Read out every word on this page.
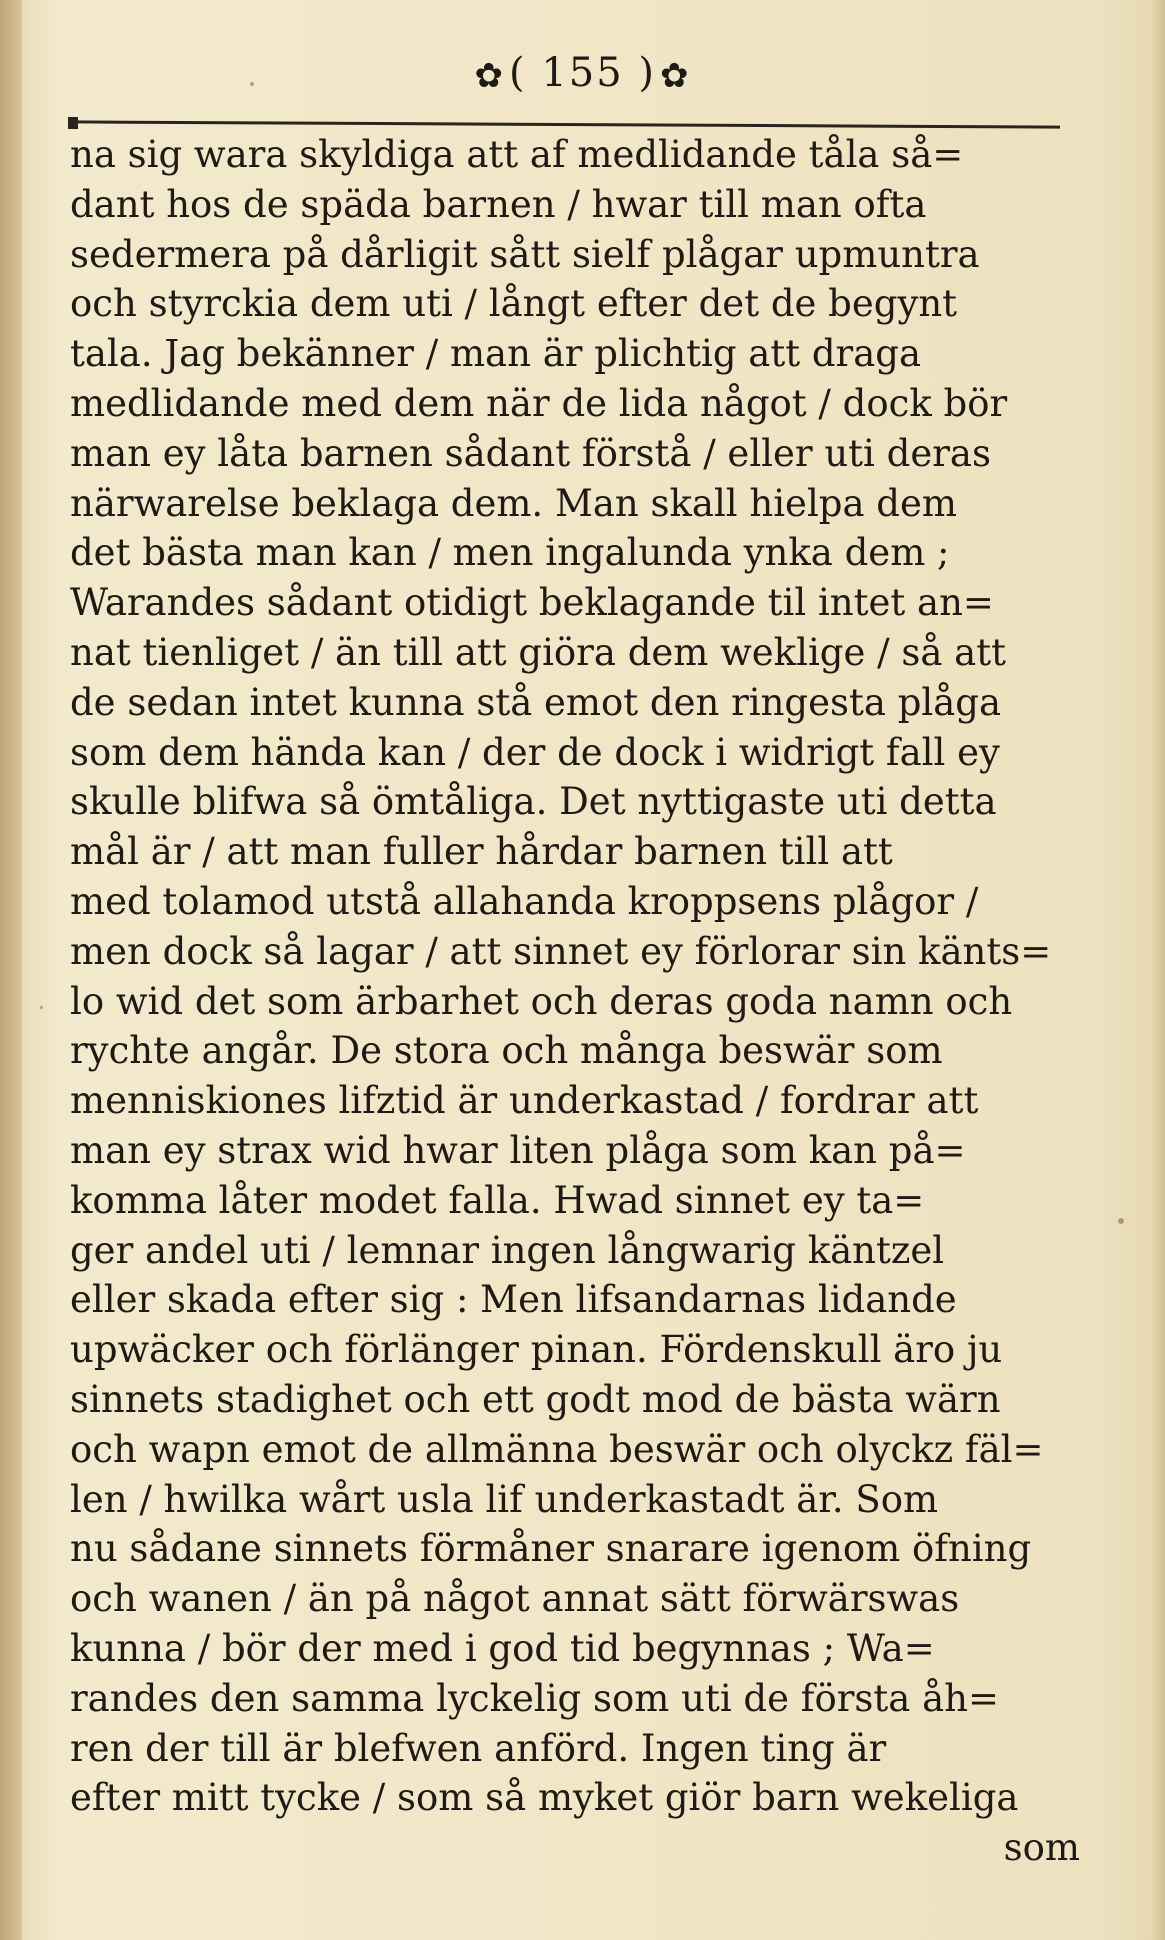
✿ ( 155 ) ✿
na sig wara skyldiga att af medlidande tåla så=
dant hos de späda barnen / hwar till man ofta
sedermera på dårligit sått sielf plågar upmuntra
och styrckia dem uti / långt efter det de begynt
tala. Jag bekänner / man är plichtig att draga
medlidande med dem när de lida något / dock bör
man ey låta barnen sådant förstå / eller uti deras
närwarelse beklaga dem. Man skall hielpa dem
det bästa man kan / men ingalunda ynka dem ;
Warandes sådant otidigt beklagande til intet an=
nat tienliget / än till att giöra dem weklige / så att
de sedan intet kunna stå emot den ringesta plåga
som dem hända kan / der de dock i widrigt fall ey
skulle blifwa så ömtåliga. Det nyttigaste uti detta
mål är / att man fuller hårdar barnen till att
med tolamod utstå allahanda kroppsens plågor /
men dock så lagar / att sinnet ey förlorar sin känts=
lo wid det som ärbarhet och deras goda namn och
rychte angår. De stora och många beswär som
menniskiones lifztid är underkastad / fordrar att
man ey strax wid hwar liten plåga som kan på=
komma låter modet falla. Hwad sinnet ey ta=
ger andel uti / lemnar ingen långwarig käntzel
eller skada efter sig : Men lifsandarnas lidande
upwäcker och förlänger pinan. Fördenskull äro ju
sinnets stadighet och ett godt mod de bästa wärn
och wapn emot de allmänna beswär och olyckz fäl=
len / hwilka wårt usla lif underkastadt är. Som
nu sådane sinnets förmåner snarare igenom öfning
och wanen / än på något annat sätt förwärswas
kunna / bör der med i god tid begynnas ; Wa=
randes den samma lyckelig som uti de första åh=
ren der till är blefwen anförd. Ingen ting är
efter mitt tycke / som så myket giör barn wekeliga
som
